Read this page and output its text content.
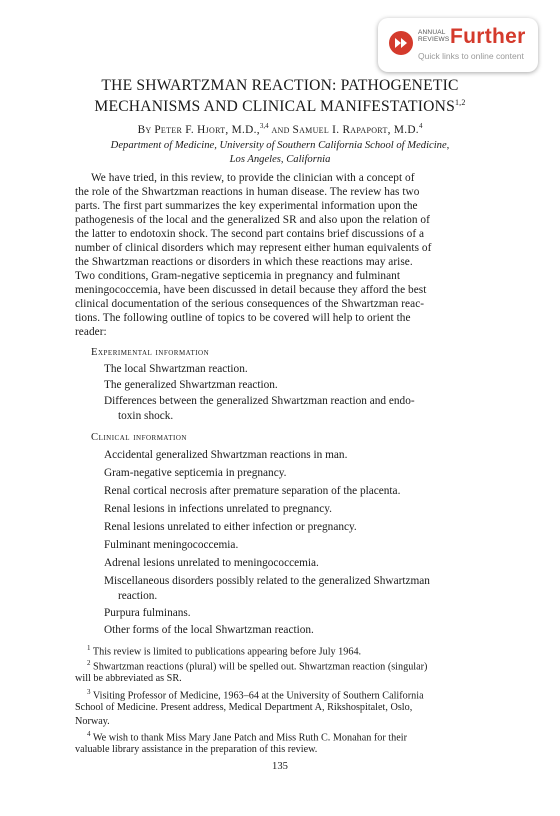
ANNUAL
REVIEWS Further
Quick links to online content
THE SHWARTZMAN REACTION: PATHOGENETIC
MECHANISMS AND CLINICAL MANIFESTATIONS$^{1,2}$
By Peter F. Hjort, M.D.,$^{3,4}$ and Samuel I. Rapaport, M.D.$^4$
Department of Medicine, University of Southern California School of Medicine,
Los Angeles, California
We have tried, in this review, to provide the clinician with a concept of
the role of the Shwartzman reactions in human disease. The review has two
parts. The first part summarizes the key experimental information upon the
pathogenesis of the local and the generalized SR and also upon the relation of
the latter to endotoxin shock. The second part contains brief discussions of a
number of clinical disorders which may represent either human equivalents of
the Shwartzman reactions or disorders in which these reactions may arise.
Two conditions, Gram-negative septicemia in pregnancy and fulminant
meningococcemia, have been discussed in detail because they afford the best
clinical documentation of the serious consequences of the Shwartzman reac-
tions. The following outline of topics to be covered will help to orient the
reader:
Experimental information
The local Shwartzman reaction.
The generalized Shwartzman reaction.
Differences between the generalized Shwartzman reaction and endo-
toxin shock.
Clinical information
Accidental generalized Shwartzman reactions in man.
Gram-negative septicemia in pregnancy.
Renal cortical necrosis after premature separation of the placenta.
Renal lesions in infections unrelated to pregnancy.
Renal lesions unrelated to either infection or pregnancy.
Fulminant meningococcemia.
Adrenal lesions unrelated to meningococcemia.
Miscellaneous disorders possibly related to the generalized Shwartzman
reaction.
Purpura fulminans.
Other forms of the local Shwartzman reaction.
$^1$ This review is limited to publications appearing before July 1964.
$^2$ Shwartzman reactions (plural) will be spelled out. Shwartzman reaction (singular)
will be abbreviated as SR.
$^3$ Visiting Professor of Medicine, 1963–64 at the University of Southern California
School of Medicine. Present address, Medical Department A, Rikshospitalet, Oslo,
Norway.
$^4$ We wish to thank Miss Mary Jane Patch and Miss Ruth C. Monahan for their
valuable library assistance in the preparation of this review.
135
